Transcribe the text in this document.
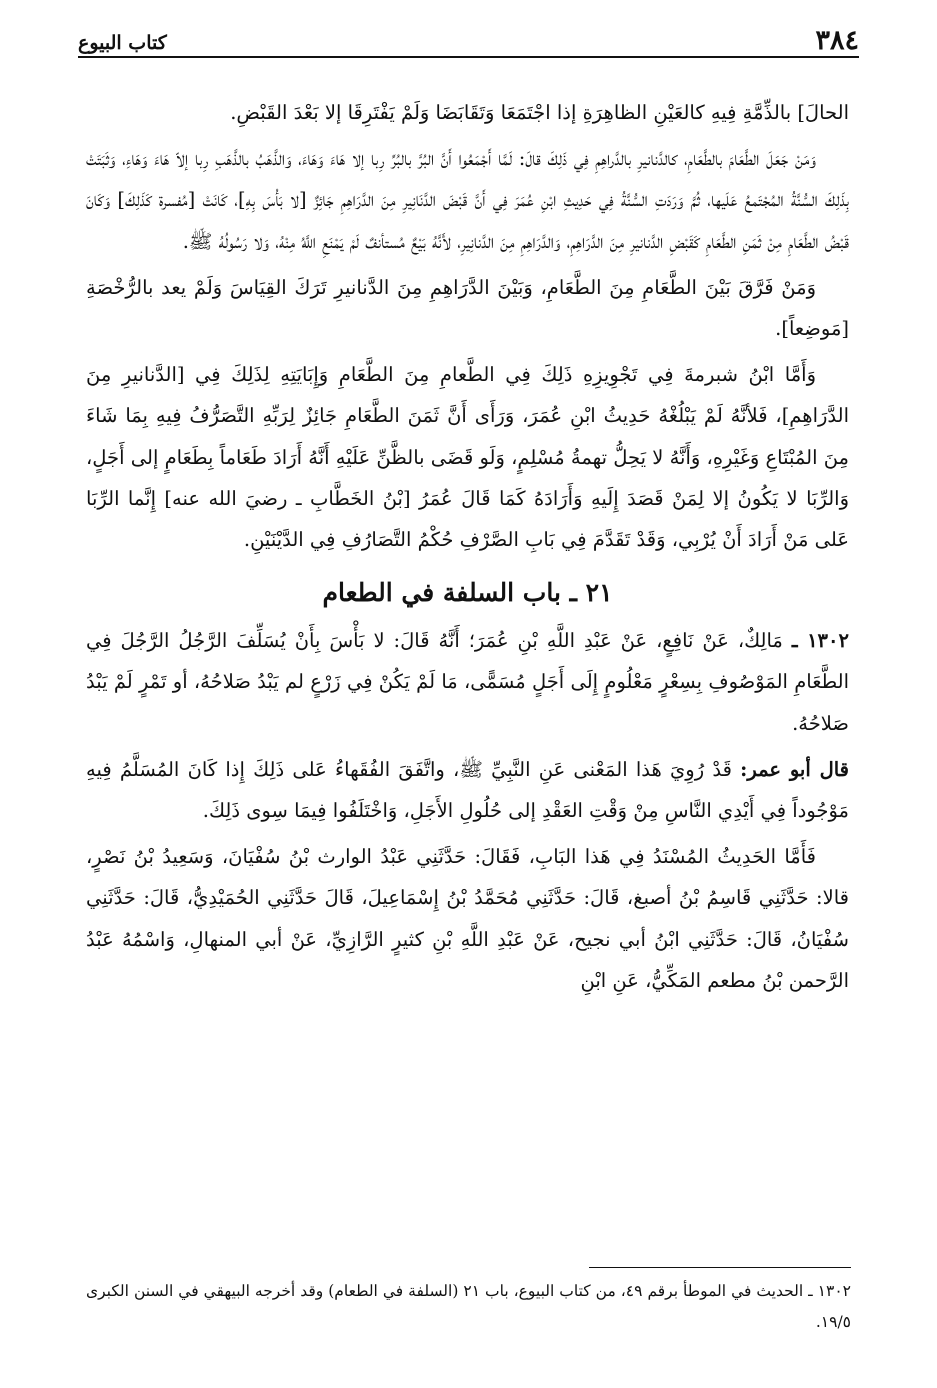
٣٨٤
كتاب البيوع

الحالَ] بالذِّمَّةِ فِيهِ كالعَيْنِ الظاهِرَةِ إذا اجْتَمَعَا وَتَقَابَضَا وَلَمْ يَفْتَرِقَا إلا بَعْدَ القَبْضِ.

وَمَنْ جَعَلَ الطَّعَامَ بالطَّعَامِ، كالدَّنانيرِ بالدَّراهِمِ فِي ذَلِكَ قالَ: لَمَّا أَجْمَعُوا أَنَّ البُرَّ بالبُرِّ رِبا إلا هَاءَ وَهَاءَ، وَالذَّهَبُ بالذَّهَبِ رِبا إلاّ هَاءَ وَهَاءِ، وَثَبَتَتْ بِذَلِكَ السُّنَّةُ المُجْتَمعُ عَلَيها، ثُمَّ وَرَدَتِ السُّنَّةُ فِي حَدِيثِ ابْنِ عُمَرَ فِي أَنَّ قَبْضَ الدَّنَانِيرِ مِنَ الدَّرَاهِمِ جَائِزٌ [لا بَأْسَ بِهِ]، كَانَتْ [مُفسرة كَذَلِكَ] وَكَانَ قَبْضُ الطَّعَامِ مِنْ ثَمَنِ الطَّعَامِ كَقَبْضِ الدَّنانيرِ مِنَ الدَّرَاهِمِ، وَالدَّرَاهِمِ مِنَ الدَّنانِيرِ، لأَنَّهُ بَيْعٌ مُستأنفٌ لَمْ يَمْنَعِ اللَّهُ مِنْهُ، وَلا رَسُولُهُ ﷺ.

وَمَنْ فَرَّقَ بَيْنَ الطَّعَامِ مِنَ الطَّعَامِ، وَبَيْنَ الدَّرَاهِمِ مِنَ الدَّنانيرِ تَرَكَ القِيَاسَ وَلَمْ يعد بالرُّخْصَةِ [مَوضِعاً].

وَأَمَّا ابْنُ شبرمةَ فِي تَجْوِيزِهِ ذَلِكَ فِي الطَّعامِ مِنَ الطَّعَامِ وَإِبَايَتِهِ لِذَلِكَ فِي [الدَّنانيرِ مِنَ الدَّرَاهِمِ]، فَلأنَّهُ لَمْ يَبْلُغْهُ حَدِيثُ ابْنِ عُمَرَ، وَرَأَى أَنَّ ثَمَنَ الطَّعَامِ جَائِزٌ لِرَبِّهِ التَّصَرُّفُ فِيهِ بِمَا شَاءَ مِنَ المُبْتَاعِ وَغَيْرِهِ، وَأَنَّهُ لا يَحِلُّ تهمةُ مُسْلِمٍ، وَلَو قَضَى بالظَّنِّ عَلَيْهِ أَنَّهُ أَرَادَ طَعَاماً بِطَعَامٍ إلى أَجَلٍ، وَالرِّبَا لا يَكُونُ إلا لِمَنْ قَصَدَ إِلَيهِ وَأَرَادَهُ كَمَا قَالَ عُمَرُ [بْنُ الخَطَّابِ ـ رضيَ الله عنه] إِنَّما الرِّبَا عَلى مَنْ أَرَادَ أَنْ يُرْبِي، وَقَدْ تَقَدَّمَ فِي بَابِ الصَّرْفِ حُكْمُ التَّصَارُفِ فِي الدَّيْنَيْنِ.

٢١ ـ باب السلفة في الطعام

١٣٠٢ ـ مَالِكٌ، عَنْ نَافِعٍ، عَنْ عَبْدِ اللَّهِ بْنِ عُمَرَ؛ أَنَّهُ قَالَ: لا بَأْسَ بِأَنْ يُسَلِّفَ الرَّجُلُ الرَّجُلَ فِي الطَّعَامِ المَوْصُوفِ بِسِعْرٍ مَعْلُومٍ إِلَى أَجَلٍ مُسَمًّى، مَا لَمْ يَكُنْ فِي زَرْعٍ لم يَبْدُ صَلاحُهُ، أو تَمْرٍ لَمْ يَبْدُ صَلاحُهُ.

قال أبو عمر: قَدْ رُوِيَ هَذا المَعْنى عَنِ النَّبِيِّ ﷺ، واتَّفَقَ الفُقَهاءُ عَلى ذَلِكَ إِذا كَانَ المُسَلَّمُ فِيهِ مَوْجُوداً فِي أَيْدِي النَّاسِ مِنْ وَقْتِ العَقْدِ إلى حُلُولِ الأَجَلِ، وَاخْتَلَفُوا فِيمَا سِوى ذَلِكَ.

فَأَمَّا الحَدِيثُ المُسْنَدُ فِي هَذا البَابِ، فَقَالَ: حَدَّثَنِي عَبْدُ الوارث بْنُ سُفْيَانَ، وَسَعِيدُ بْنُ نَصْرٍ، قالا: حَدَّثَنِي قَاسِمُ بْنُ أصبغ، قَالَ: حَدَّثَنِي مُحَمَّدُ بْنُ إِسْمَاعِيلَ، قَالَ حَدَّثَنِي الحُمَيْدِيُّ، قَالَ: حَدَّثَنِي سُفْيَانُ، قَالَ: حَدَّثَنِي ابْنُ أبي نجيح، عَنْ عَبْدِ اللَّهِ بْنِ كثيرٍ الرَّازِيِّ، عَنْ أبي المنهالِ، وَاسْمُهُ عَبْدُ الرَّحمن بْنُ مطعم المَكِّيُّ، عَنِ ابْنِ

١٣٠٢ ـ الحديث في الموطأ برقم ٤٩، من كتاب البيوع، باب ٢١ (السلفة في الطعام) وقد أخرجه البيهقي في السنن الكبرى ١٩/٥.
